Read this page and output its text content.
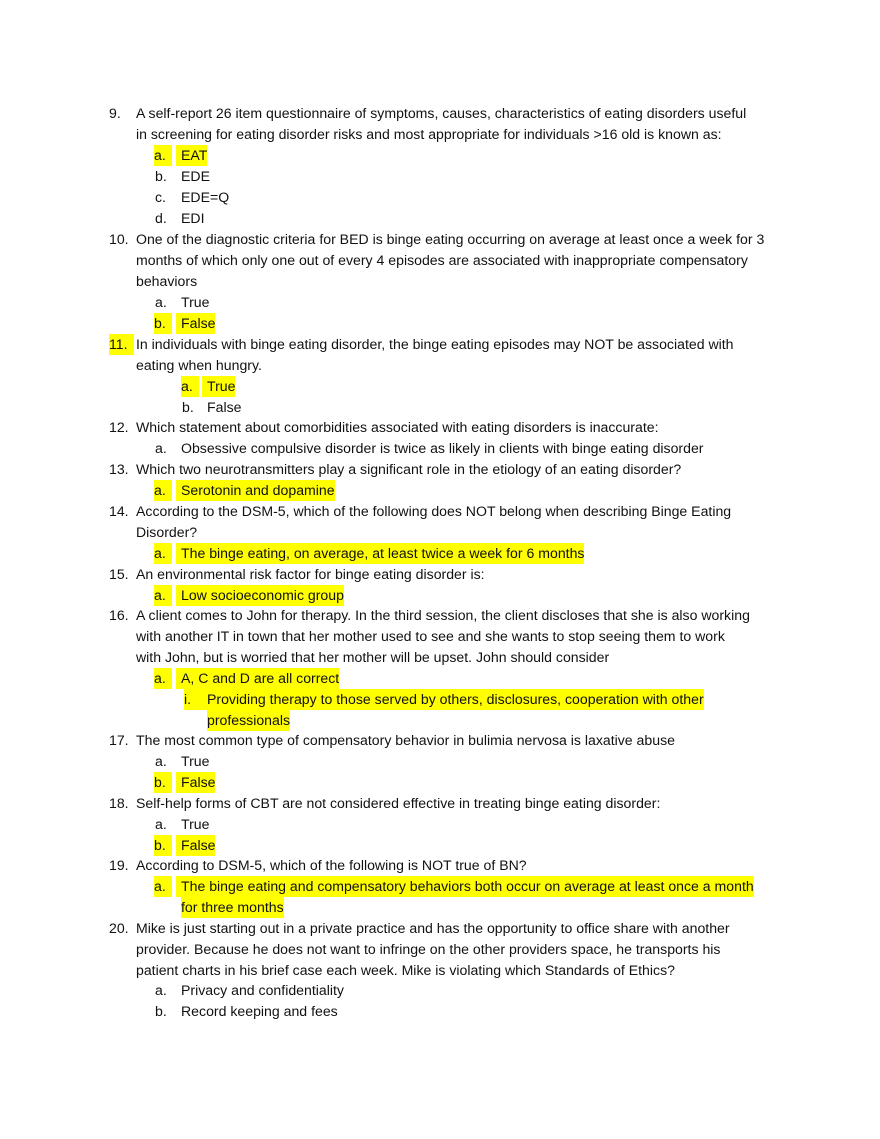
9. A self-report 26 item questionnaire of symptoms, causes, characteristics of eating disorders useful
in screening for eating disorder risks and most appropriate for individuals >16 old is known as:
a.	EAT
b. EDE
c. EDE=Q
d. EDI
10. One of the diagnostic criteria for BED is binge eating occurring on average at least once a week for 3
months of which only one out of every 4 episodes are associated with inappropriate compensatory
behaviors
a. True
b.	False
11. In individuals with binge eating disorder, the binge eating episodes may NOT be associated with
eating when hungry.
a.	True
b. False
12. Which statement about comorbidities associated with eating disorders is inaccurate:
a. Obsessive compulsive disorder is twice as likely in clients with binge eating disorder
13. Which two neurotransmitters play a significant role in the etiology of an eating disorder?
a.	Serotonin and dopamine
14. According to the DSM-5, which of the following does NOT belong when describing Binge Eating
Disorder?
a.	The binge eating, on average, at least twice a week for 6 months
15. An environmental risk factor for binge eating disorder is:
a.	Low socioeconomic group
16. A client comes to John for therapy. In the third session, the client discloses that she is also working
with another IT in town that her mother used to see and she wants to stop seeing them to work
with John, but is worried that her mother will be upset. John should consider
a.	A, C and D are all correct
i.	Providing therapy to those served by others, disclosures, cooperation with other
professionals
17. The most common type of compensatory behavior in bulimia nervosa is laxative abuse
a. True
b.	False
18. Self-help forms of CBT are not considered effective in treating binge eating disorder:
a. True
b.	False
19. According to DSM-5, which of the following is NOT true of BN?
a.	The binge eating and compensatory behaviors both occur on average at least once a month
for three months
20. Mike is just starting out in a private practice and has the opportunity to office share with another
provider. Because he does not want to infringe on the other providers space, he transports his
patient charts in his brief case each week. Mike is violating which Standards of Ethics?
a. Privacy and confidentiality
b. Record keeping and fees
